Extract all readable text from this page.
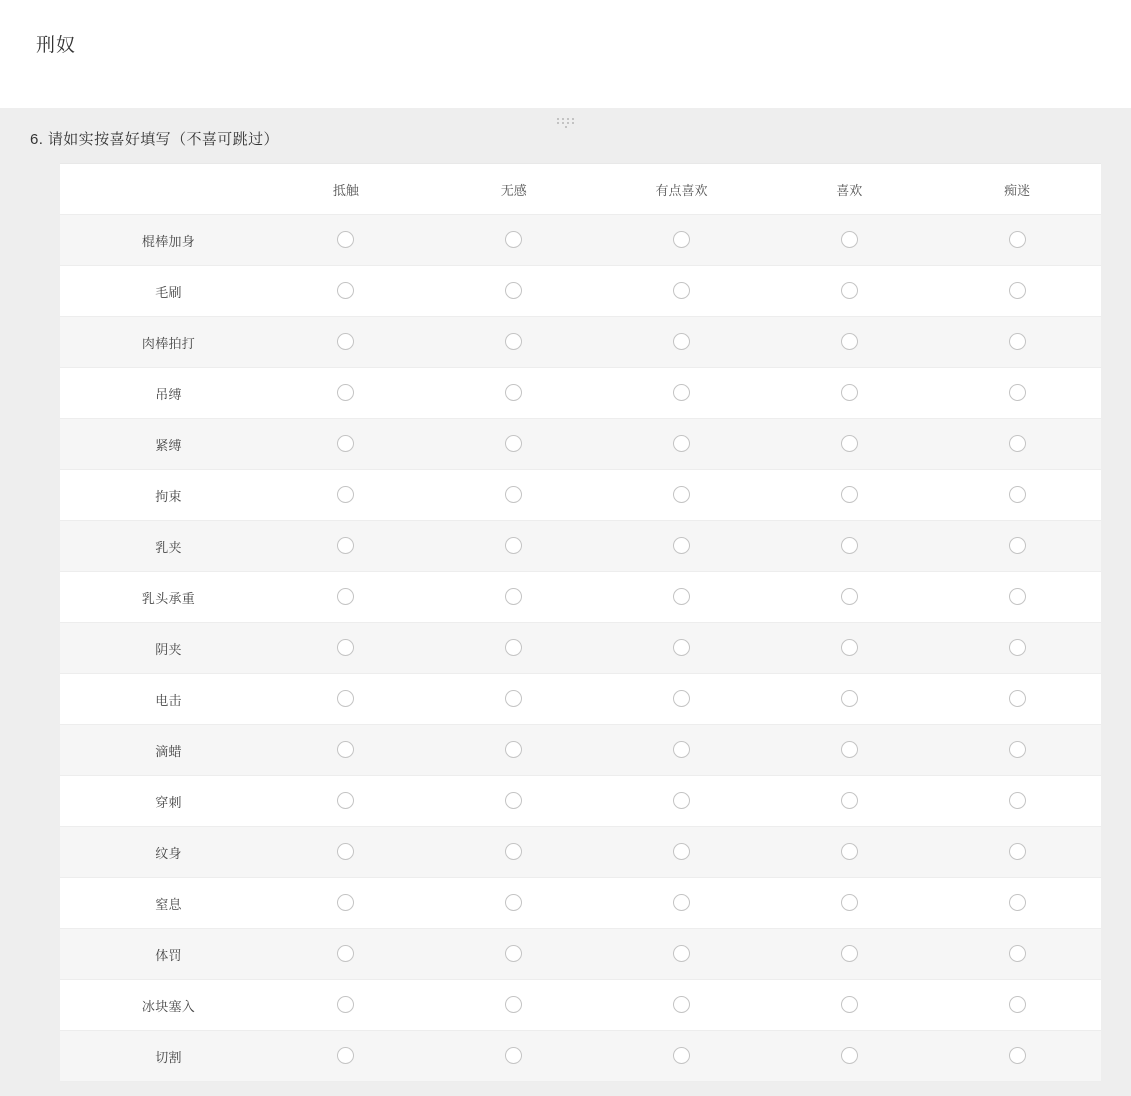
刑奴
6. 请如实按喜好填写（不喜可跳过）
	抵触	无感	有点喜欢	喜欢	痴迷
棍棒加身					
毛刷					
肉棒拍打					
吊缚					
紧缚					
拘束					
乳夹					
乳头承重					
阴夹					
电击					
滴蜡					
穿刺					
纹身					
窒息					
体罚					
冰块塞入					
切割					
